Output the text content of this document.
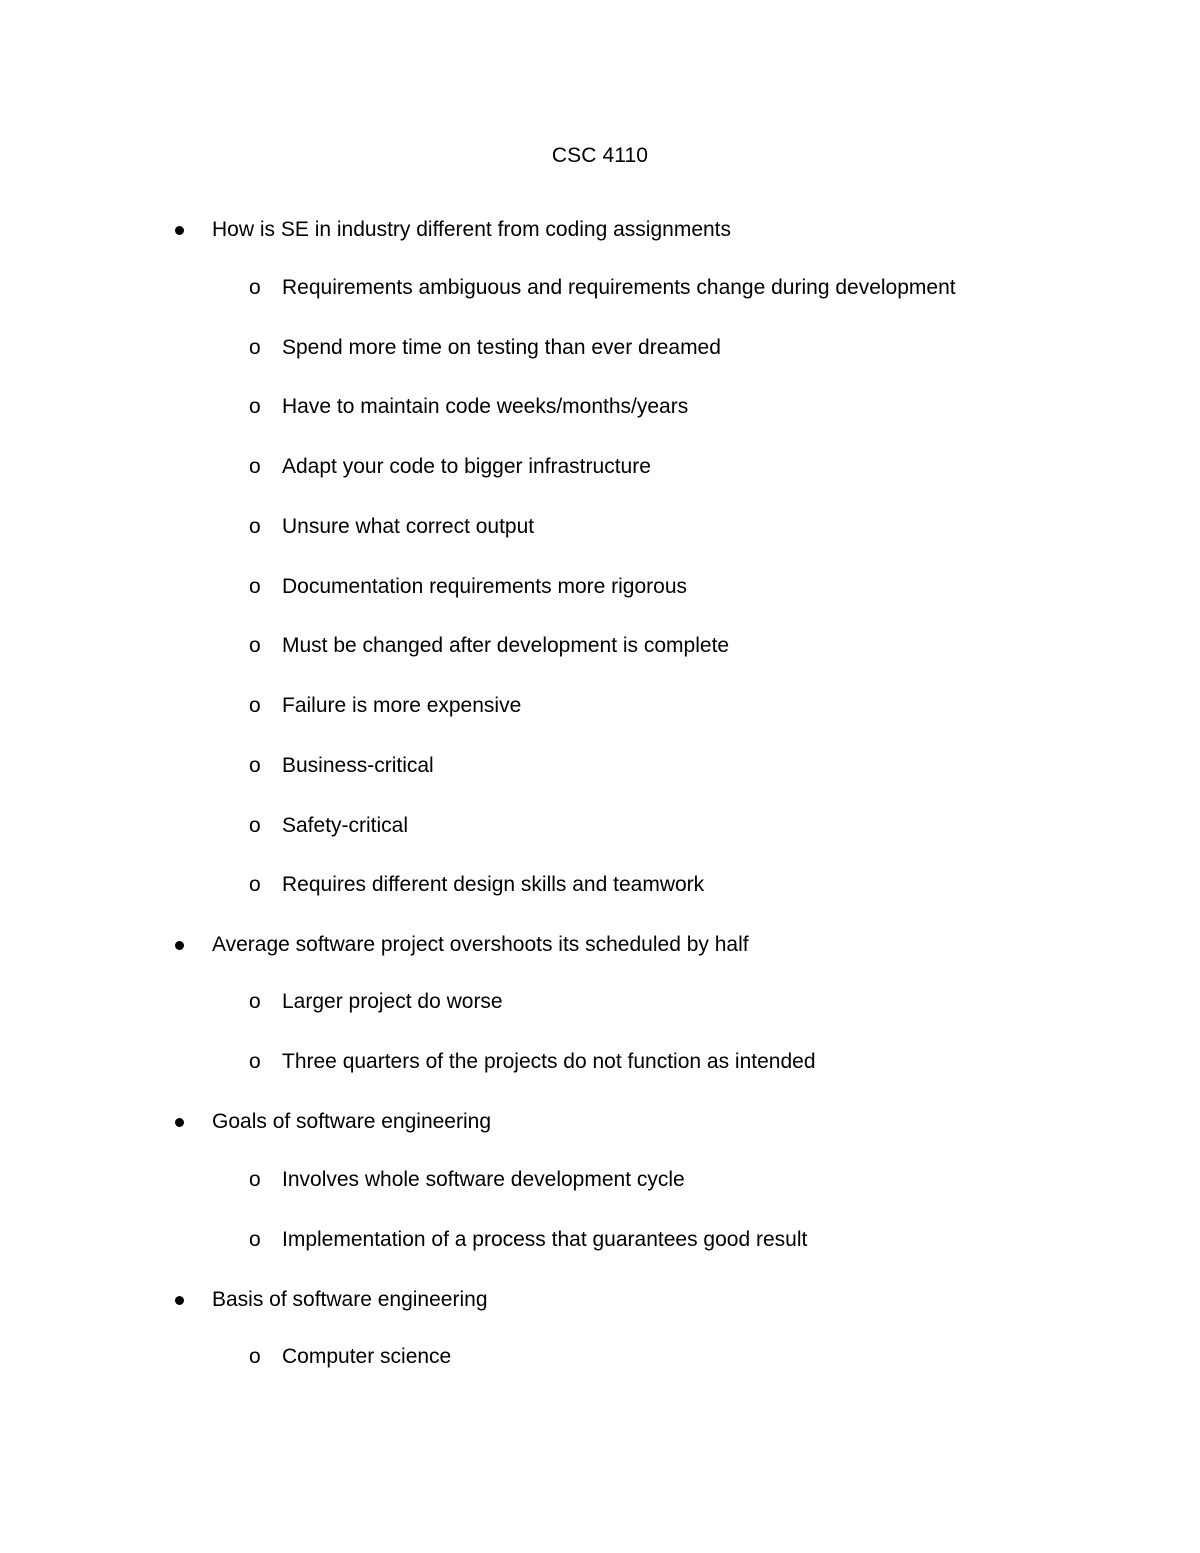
CSC 4110
How is SE in industry different from coding assignments
o Requirements ambiguous and requirements change during development
o Spend more time on testing than ever dreamed
o Have to maintain code weeks/months/years
o Adapt your code to bigger infrastructure
o Unsure what correct output
o Documentation requirements more rigorous
o Must be changed after development is complete
o Failure is more expensive
o Business-critical
o Safety-critical
o Requires different design skills and teamwork
Average software project overshoots its scheduled by half
o Larger project do worse
o Three quarters of the projects do not function as intended
Goals of software engineering
o Involves whole software development cycle
o Implementation of a process that guarantees good result
Basis of software engineering
o Computer science
